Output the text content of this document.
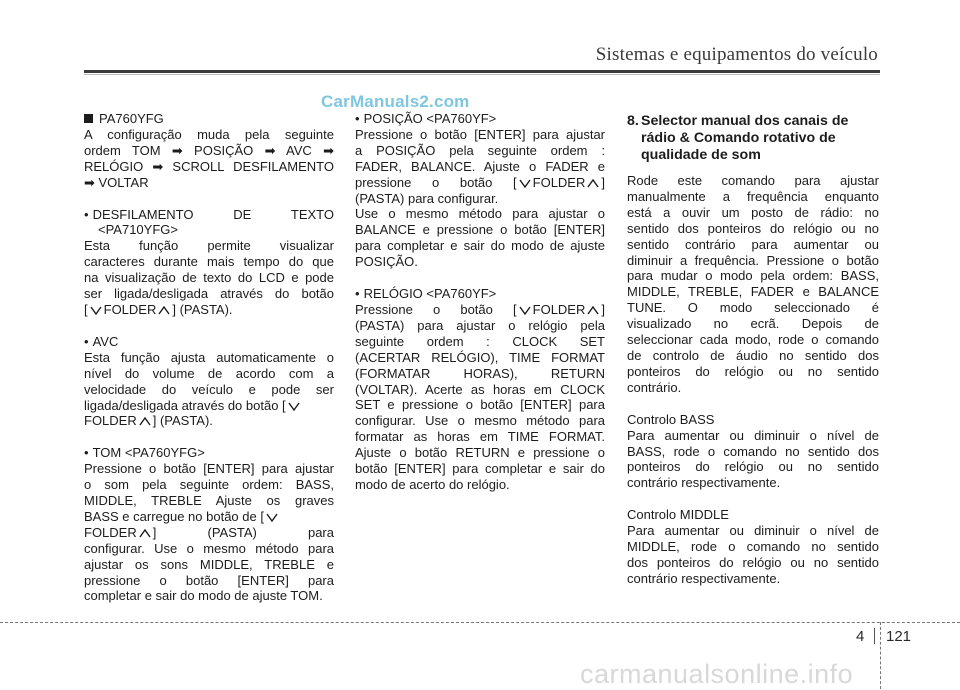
Sistemas e equipamentos do veículo
CarManuals2.com

PA760YFG

A configuração muda pela seguinte

ordem TOM ➡ POSIÇÃO ➡ AVC ➡

RELÓGIO ➡ SCROLL DESFILAMENTO

➡ VOLTAR

• DESFILAMENTO	DE	TEXTO

<PA710YFG>

Esta função permite visualizar

caracteres durante mais tempo do que

na visualização de texto do LCD e pode

ser ligada/desligada através do botão

[ FOLDER ] (PASTA).

• AVC

Esta função ajusta automaticamente o

nível do volume de acordo com a

velocidade do veículo e pode ser

ligada/desligada através do botão [

FOLDER ] (PASTA).

• TOM <PA760YFG>

Pressione o botão [ENTER] para ajustar

o som pela seguinte ordem: BASS,

MIDDLE, TREBLE Ajuste os graves

BASS e carregue no botão de [

FOLDER ]	(PASTA)	para

configurar. Use o mesmo método para

ajustar os sons MIDDLE, TREBLE e

pressione o botão [ENTER] para

completar e sair do modo de ajuste TOM.

• POSIÇÃO <PA760YF>

Pressione o botão [ENTER] para ajustar

a POSIÇÃO pela seguinte ordem :

FADER, BALANCE. Ajuste o FADER e

pressione o botão [ FOLDER ]

(PASTA) para configurar.

Use o mesmo método para ajustar o

BALANCE e pressione o botão [ENTER]

para completar e sair do modo de ajuste

POSIÇÃO.

• RELÓGIO <PA760YF>

Pressione o botão [ FOLDER ]

(PASTA) para ajustar o relógio pela

seguinte ordem : CLOCK SET

(ACERTAR RELÓGIO), TIME FORMAT

(FORMATAR HORAS), RETURN

(VOLTAR). Acerte as horas em CLOCK

SET e pressione o botão [ENTER] para

configurar. Use o mesmo método para

formatar as horas em TIME FORMAT.

Ajuste o botão RETURN e pressione o

botão [ENTER] para completar e sair do

modo de acerto do relógio.

8. Selector manual dos canais de
rádio & Comando rotativo de
qualidade de som

Rode este comando para ajustar

manualmente a frequência enquanto

está a ouvir um posto de rádio: no

sentido dos ponteiros do relógio ou no

sentido contrário para aumentar ou

diminuir a frequência. Pressione o botão

para mudar o modo pela ordem: BASS,

MIDDLE, TREBLE, FADER e BALANCE

TUNE. O modo seleccionado é

visualizado no ecrã. Depois de

seleccionar cada modo, rode o comando

de controlo de áudio no sentido dos

ponteiros do relógio ou no sentido

contrário.

Controlo BASS

Para aumentar ou diminuir o nível de

BASS, rode o comando no sentido dos

ponteiros do relógio ou no sentido

contrário respectivamente.

Controlo MIDDLE

Para aumentar ou diminuir o nível de

MIDDLE, rode o comando no sentido

dos ponteiros do relógio ou no sentido

contrário respectivamente.

4 121
carmanualsonline.info
